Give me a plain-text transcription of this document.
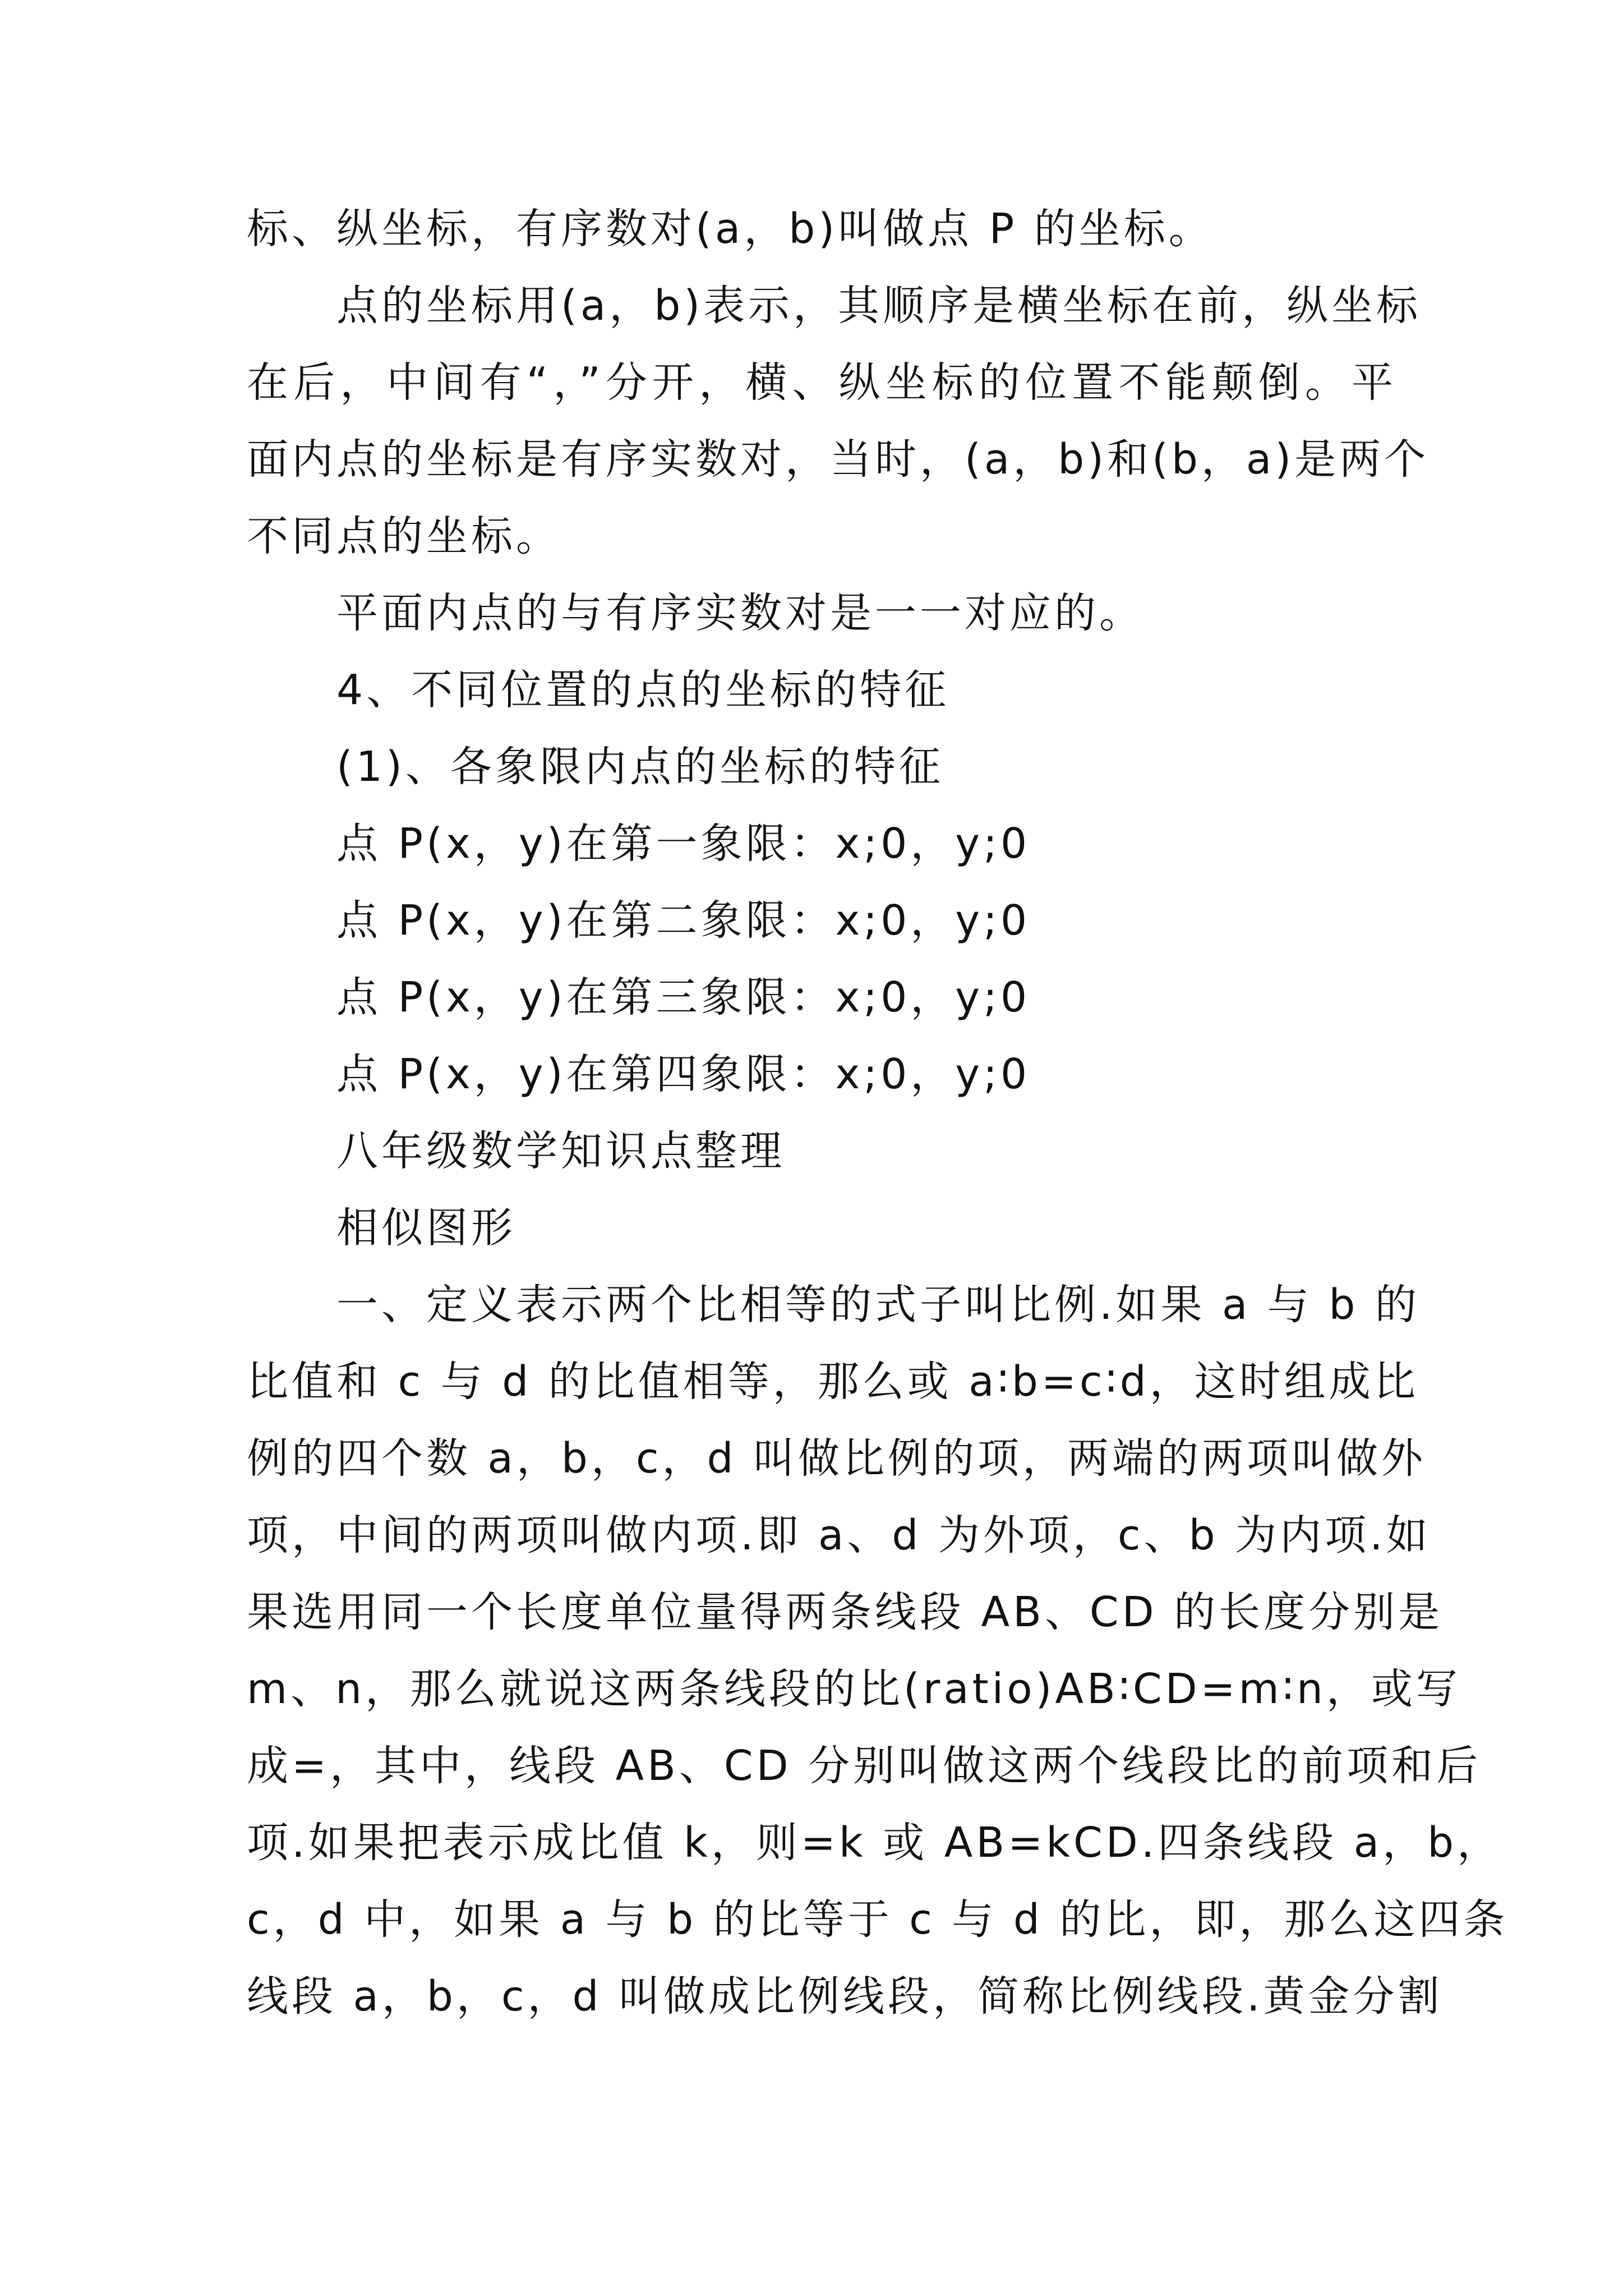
标、纵坐标，有序数对(a，b)叫做点 P 的坐标。
点的坐标用(a，b)表示，其顺序是横坐标在前，纵坐标
在后，中间有“，”分开，横、纵坐标的位置不能颠倒。平
面内点的坐标是有序实数对，当时，(a，b)和(b，a)是两个
不同点的坐标。
平面内点的与有序实数对是一一对应的。
4、不同位置的点的坐标的特征
(1)、各象限内点的坐标的特征
点 P(x，y)在第一象限：x;0，y;0
点 P(x，y)在第二象限：x;0，y;0
点 P(x，y)在第三象限：x;0，y;0
点 P(x，y)在第四象限：x;0，y;0
八年级数学知识点整理
相似图形
一、定义表示两个比相等的式子叫比例.如果 a 与 b 的
比值和 c 与 d 的比值相等，那么或 a∶b=c∶d，这时组成比
例的四个数 a，b，c，d 叫做比例的项，两端的两项叫做外
项，中间的两项叫做内项.即 a、d 为外项，c、b 为内项.如
果选用同一个长度单位量得两条线段 AB、CD 的长度分别是
m、n，那么就说这两条线段的比(ratio)AB∶CD=m∶n，或写
成=，其中，线段 AB、CD 分别叫做这两个线段比的前项和后
项.如果把表示成比值 k，则=k 或 AB=kCD.四条线段 a，b，
c，d 中，如果 a 与 b 的比等于 c 与 d 的比，即，那么这四条
线段 a，b，c，d 叫做成比例线段，简称比例线段.黄金分割
